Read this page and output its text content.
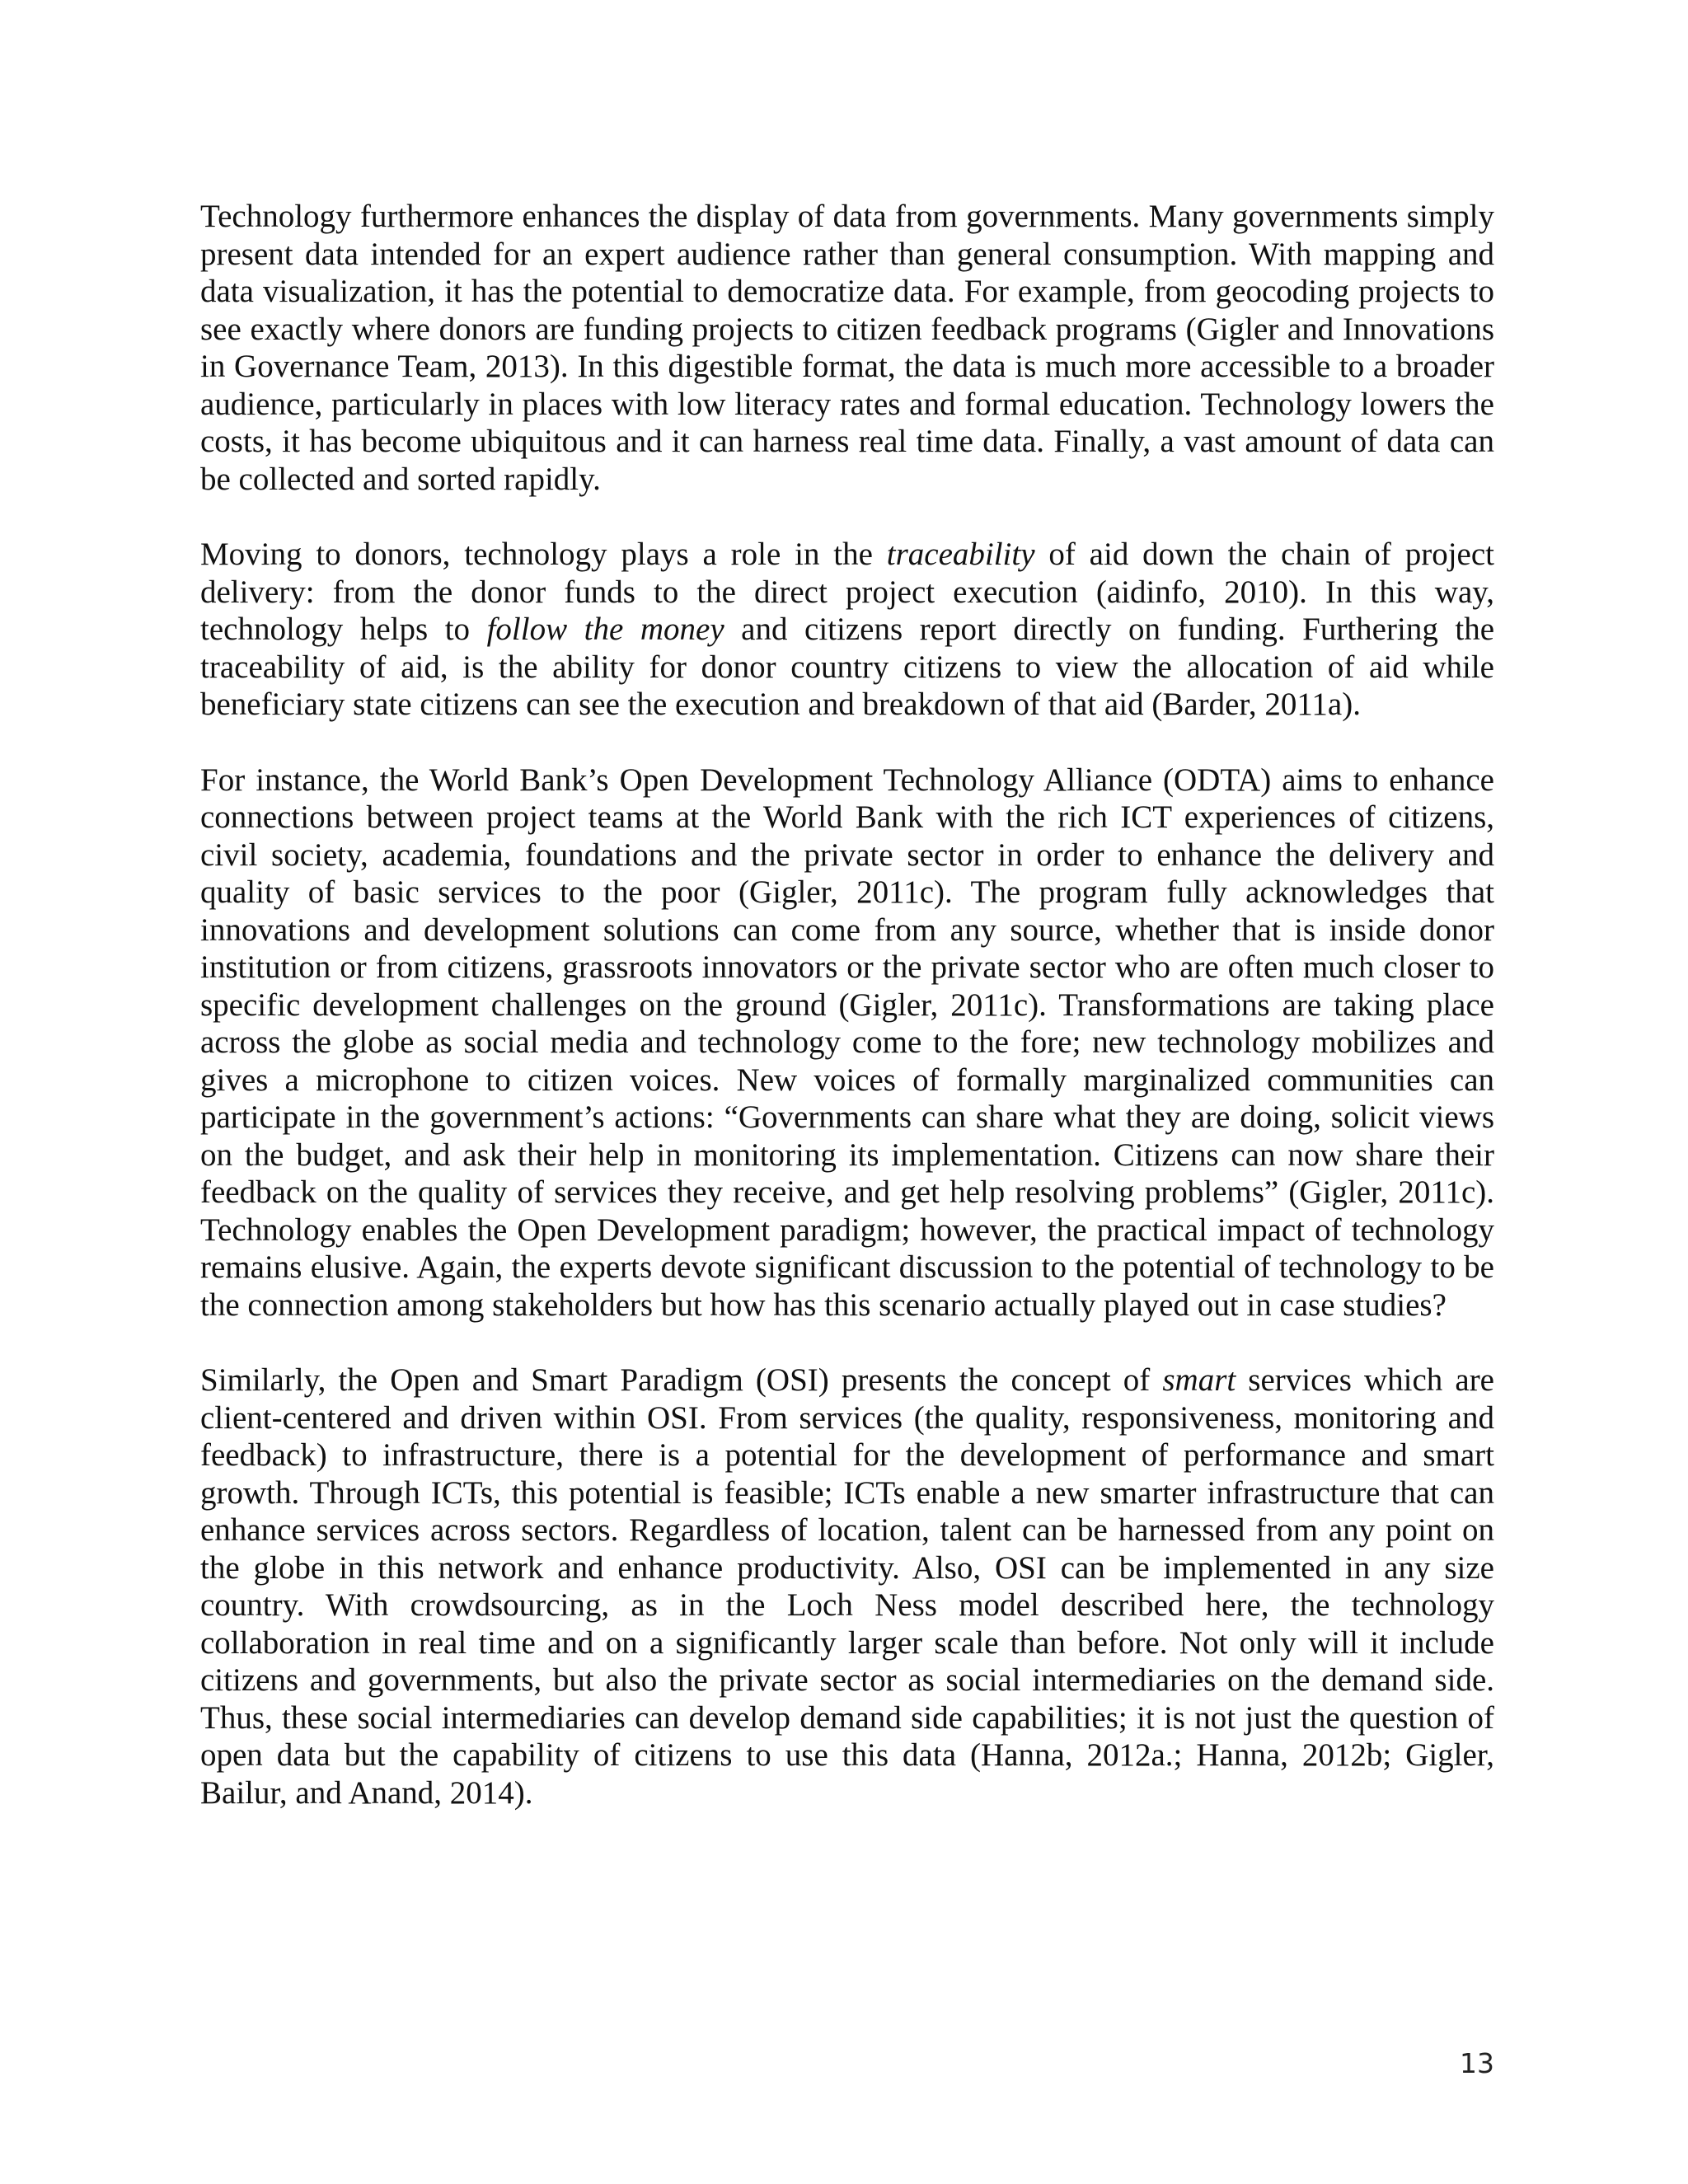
Technology furthermore enhances the display of data from governments. Many governments simply present data intended for an expert audience rather than general consumption. With mapping and data visualization, it has the potential to democratize data. For example, from geocoding projects to see exactly where donors are funding projects to citizen feedback programs (Gigler and Innovations in Governance Team, 2013). In this digestible format, the data is much more accessible to a broader audience, particularly in places with low literacy rates and formal education. Technology lowers the costs, it has become ubiquitous and it can harness real time data. Finally, a vast amount of data can be collected and sorted rapidly.

Moving to donors, technology plays a role in the traceability of aid down the chain of project delivery: from the donor funds to the direct project execution (aidinfo, 2010). In this way, technology helps to follow the money and citizens report directly on funding. Furthering the traceability of aid, is the ability for donor country citizens to view the allocation of aid while beneficiary state citizens can see the execution and breakdown of that aid (Barder, 2011a).

For instance, the World Bank’s Open Development Technology Alliance (ODTA) aims to enhance connections between project teams at the World Bank with the rich ICT experiences of citizens, civil society, academia, foundations and the private sector in order to enhance the delivery and quality of basic services to the poor (Gigler, 2011c). The program fully acknowledges that innovations and development solutions can come from any source, whether that is inside donor institution or from citizens, grassroots innovators or the private sector who are often much closer to specific development challenges on the ground (Gigler, 2011c). Transformations are taking place across the globe as social media and technology come to the fore; new technology mobilizes and gives a microphone to citizen voices. New voices of formally marginalized communities can participate in the government’s actions: “Governments can share what they are doing, solicit views on the budget, and ask their help in monitoring its implementation. Citizens can now share their feedback on the quality of services they receive, and get help resolving problems” (Gigler, 2011c). Technology enables the Open Development paradigm; however, the practical impact of technology remains elusive. Again, the experts devote significant discussion to the potential of technology to be the connection among stakeholders but how has this scenario actually played out in case studies?

Similarly, the Open and Smart Paradigm (OSI) presents the concept of smart services which are client-centered and driven within OSI. From services (the quality, responsiveness, monitoring and feedback) to infrastructure, there is a potential for the development of performance and smart growth. Through ICTs, this potential is feasible; ICTs enable a new smarter infrastructure that can enhance services across sectors. Regardless of location, talent can be harnessed from any point on the globe in this network and enhance productivity. Also, OSI can be implemented in any size country. With crowdsourcing, as in the Loch Ness model described here, the technology collaboration in real time and on a significantly larger scale than before. Not only will it include citizens and governments, but also the private sector as social intermediaries on the demand side. Thus, these social intermediaries can develop demand side capabilities; it is not just the question of open data but the capability of citizens to use this data (Hanna, 2012a.; Hanna, 2012b; Gigler, Bailur, and Anand, 2014).

13
